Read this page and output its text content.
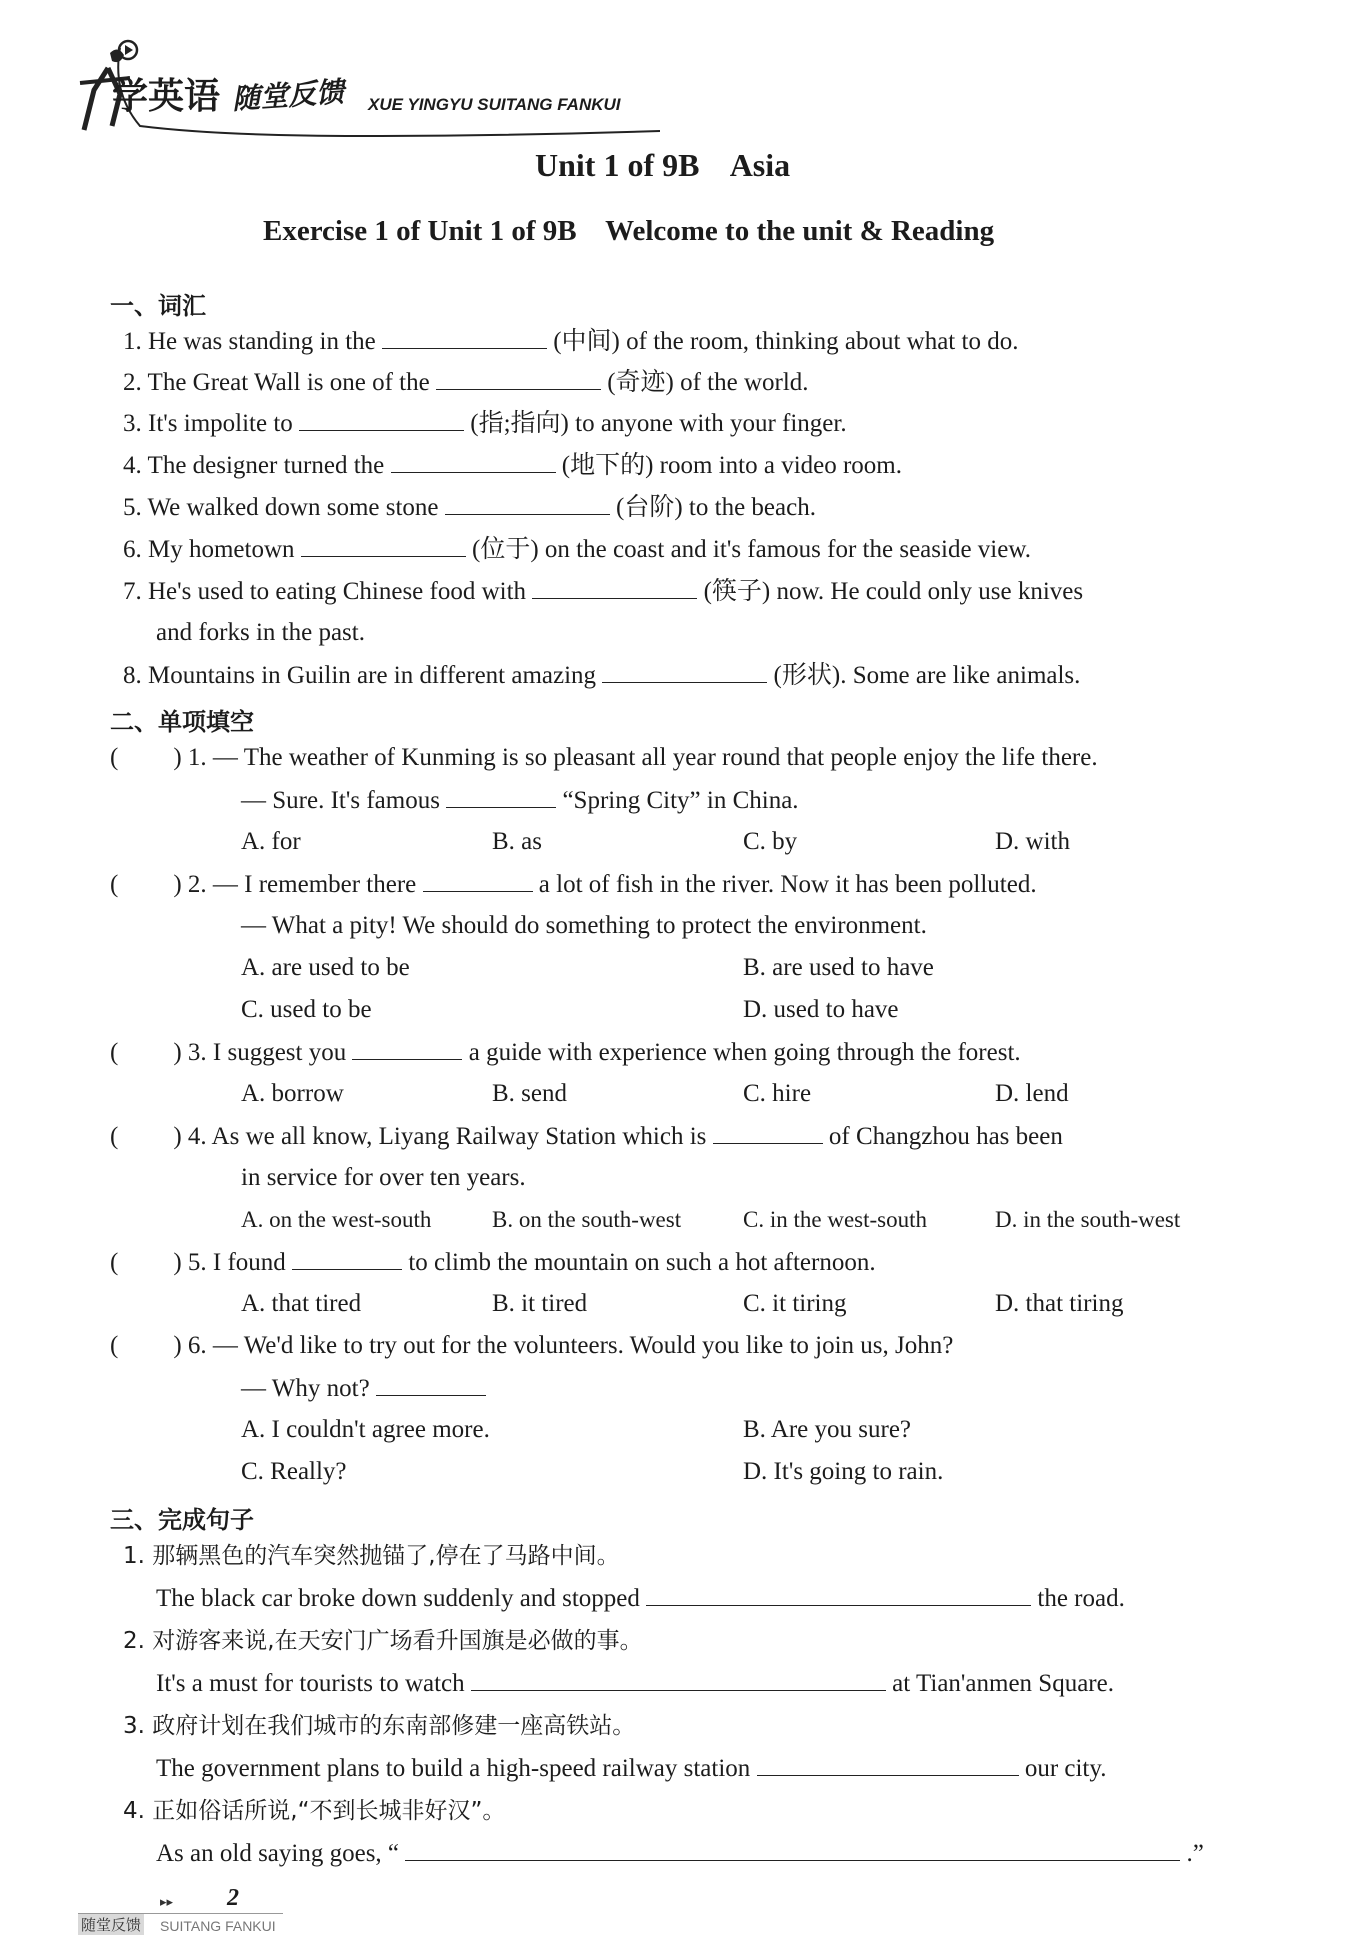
学英语 随堂反馈 XUE YINGYU SUITANG FANKUI
Unit 1 of 9B    Asia
Exercise 1 of Unit 1 of 9B    Welcome to the unit & Reading
一、词汇
1. He was standing in the	(中间) of the room, thinking about what to do.
2. The Great Wall is one of the	(奇迹) of the world.
3. It's impolite to	(指;指向) to anyone with your finger.
4. The designer turned the	(地下的) room into a video room.
5. We walked down some stone	(台阶) to the beach.
6. My hometown	(位于) on the coast and it's famous for the seaside view.
7. He's used to eating Chinese food with	(筷子) now. He could only use knives
and forks in the past.
8. Mountains in Guilin are in different amazing	(形状). Some are like animals.
二、单项填空
( ) 1. — The weather of Kunming is so pleasant all year round that people enjoy the life there.
— Sure. It's famous	“Spring City” in China.
A. for	B. as	C. by	D. with
( ) 2. — I remember there	a lot of fish in the river. Now it has been polluted.
— What a pity! We should do something to protect the environment.
A. are used to be	B. are used to have
C. used to be	D. used to have
( ) 3. I suggest you	a guide with experience when going through the forest.
A. borrow	B. send	C. hire	D. lend
( ) 4. As we all know, Liyang Railway Station which is	of Changzhou has been
in service for over ten years.
A. on the west-south	B. on the south-west	C. in the west-south	D. in the south-west
( ) 5. I found	to climb the mountain on such a hot afternoon.
A. that tired	B. it tired	C. it tiring	D. that tiring
( ) 6. — We'd like to try out for the volunteers. Would you like to join us, John?
— Why not?
A. I couldn't agree more.	B. Are you sure?
C. Really?	D. It's going to rain.
三、完成句子
1. 那辆黑色的汽车突然抛锚了,停在了马路中间。
The black car broke down suddenly and stopped	the road.
2. 对游客来说,在天安门广场看升国旗是必做的事。
It's a must for tourists to watch	at Tian'anmen Square.
3. 政府计划在我们城市的东南部修建一座高铁站。
The government plans to build a high-speed railway station	our city.
4. 正如俗话所说,“不到长城非好汉”。
As an old saying goes, “	.”
▸▸ 2
随堂反馈 SUITANG FANKUI
